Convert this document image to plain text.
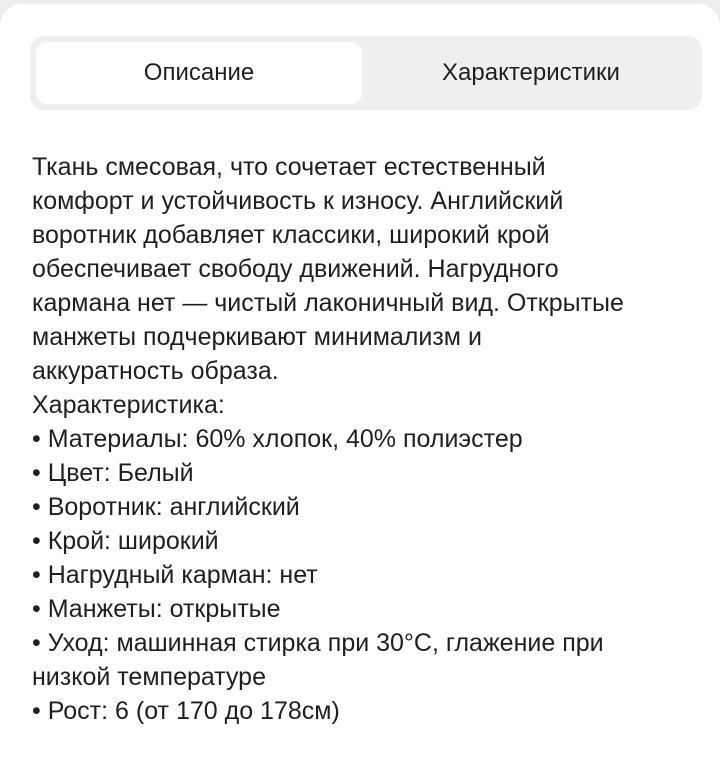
Описание	Характеристики

Ткань смесовая, что сочетает естественный
комфорт и устойчивость к износу. Английский
воротник добавляет классики, широкий крой
обеспечивает свободу движений. Нагрудного
кармана нет — чистый лаконичный вид. Открытые
манжеты подчеркивают минимализм и
аккуратность образа.

Характеристика:

• Материалы: 60% хлопок, 40% полиэстер

• Цвет: Белый

• Воротник: английский

• Крой: широкий

• Нагрудный карман: нет

• Манжеты: открытые

• Уход: машинная стирка при 30°C, глажение при
низкой температуре

• Рост: 6 (от 170 до 178см)
